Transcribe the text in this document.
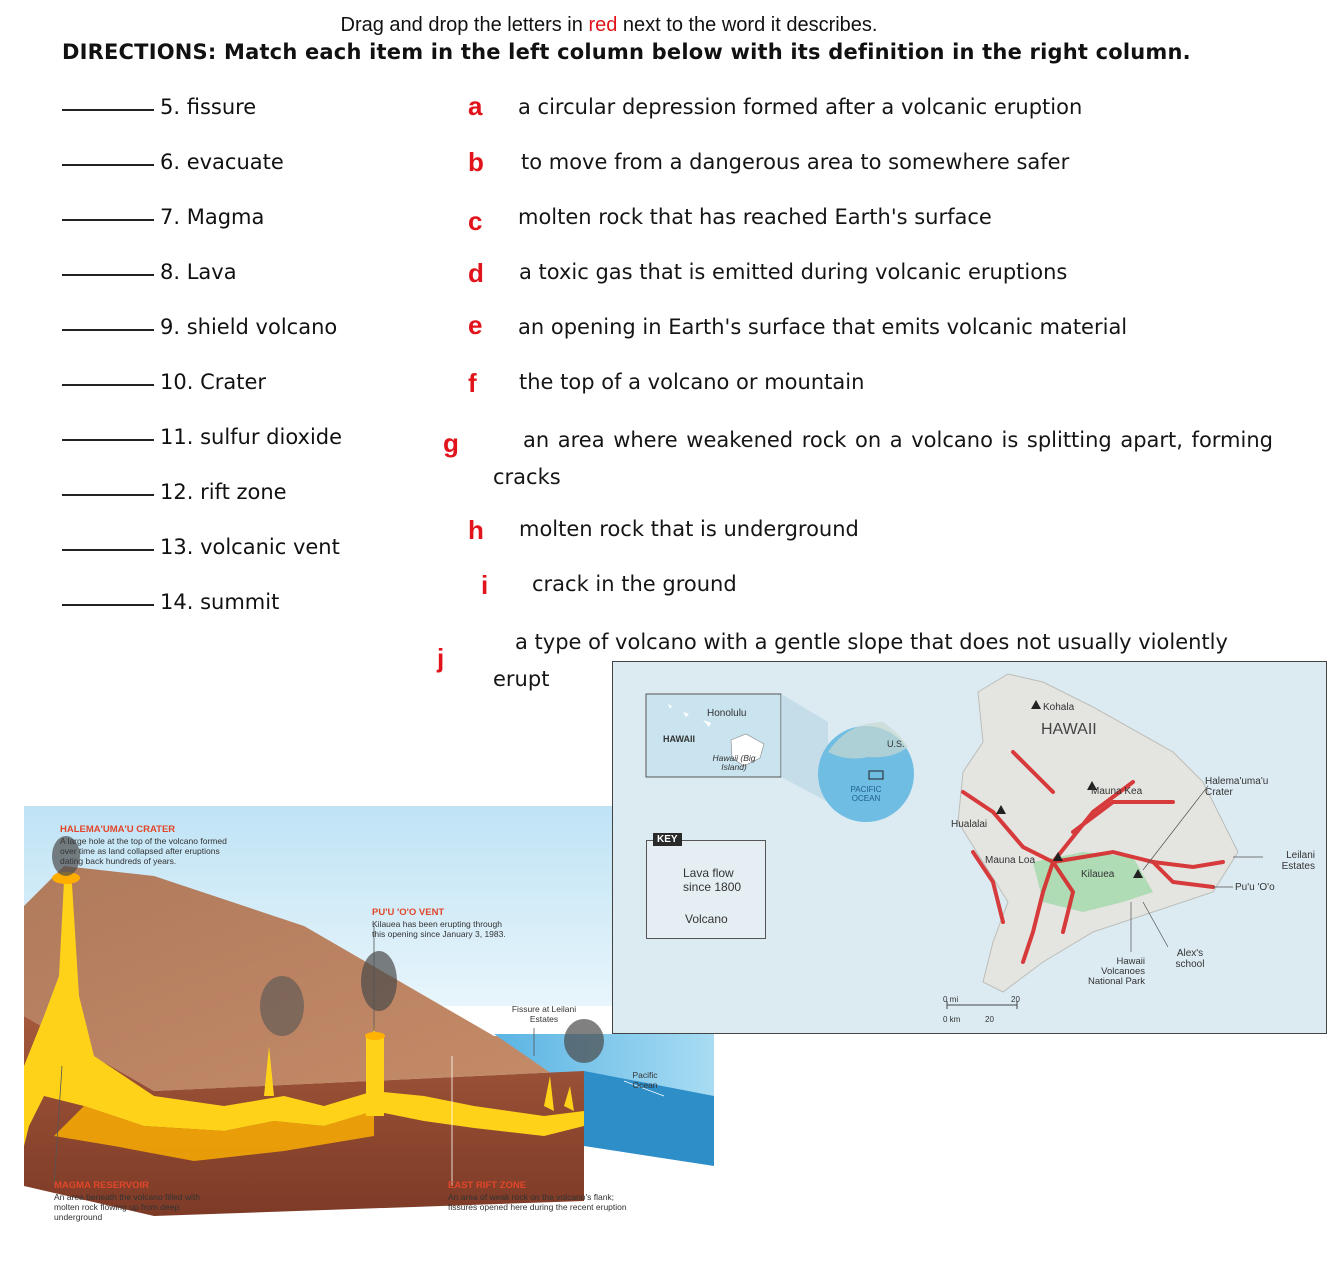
Drag and drop the letters in red next to the word it describes.
DIRECTIONS: Match each item in the left column below with its definition in the right column.
5. fissure
6. evacuate
7. Magma
8. Lava
9. shield volcano
10. Crater
11. sulfur dioxide
12. rift zone
13. volcanic vent
14. summit
a a circular depression formed after a volcanic eruption
b to move from a dangerous area to somewhere safer
c molten rock that has reached Earth's surface
d a toxic gas that is emitted during volcanic eruptions
e an opening in Earth's surface that emits volcanic material
f the top of a volcano or mountain
g	an area where weakened rock on a volcano is splitting apart, forming cracks
h molten rock that is underground
i crack in the ground
j
a type of volcano with a gentle slope that does not usually violently erupt
HALEMA'UMA'U CRATER
A large hole at the top of the volcano formed over time as land collapsed after eruptions dating back hundreds of years.
PU'U 'O'O VENT
Kilauea has been erupting through this opening since January 3, 1983.
Fissure at Leilani Estates
Pacific Ocean
MAGMA RESERVOIR
An area beneath the volcano filled with molten rock flowing up from deep underground
EAST RIFT ZONE
An area of weak rock on the volcano's flank; fissures opened here during the recent eruption
Honolulu
HAWAII
Hawaii (Big Island)
U.S.
PACIFIC OCEAN
KEY
Lava flow since 1800
Volcano
HAWAII
Kohala
Mauna Kea
Hualalai
Mauna Loa
Kilauea
Halema'uma'u Crater
Leilani Estates
Pu'u 'O'o
Alex's school
Hawaii Volcanoes National Park
0 mi	20
0 km	20
